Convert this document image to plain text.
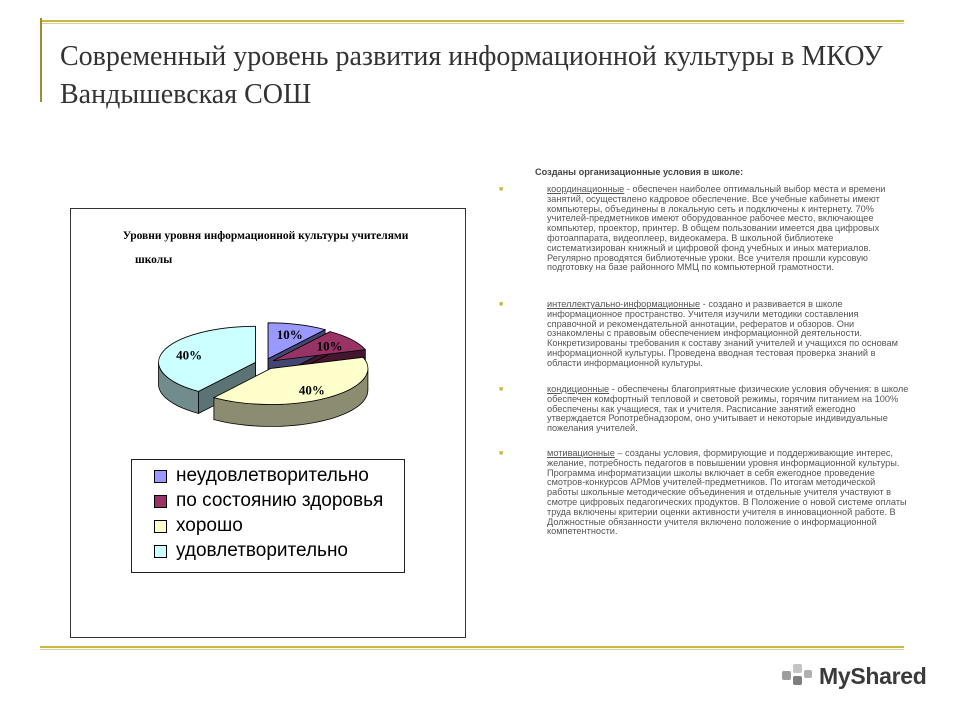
Современный уровень развития информационной культуры в МКОУ Вандышевская СОШ
Уровни уровня информационной культуры учителями школы
10%
10%
40%
40%
неудовлетворительно
по состоянию здоровья
хорошо
удовлетворительно
Созданы организационные условия в школе:
■	координационные - обеспечен наиболее оптимальный выбор места и времени занятий, осуществлено кадровое обеспечение. Все учебные кабинеты имеют компьютеры, объединены в локальную сеть и подключены к интернету. 70% учителей-предметников имеют оборудованное рабочее место, включающее компьютер, проектор, принтер. В общем пользовании имеется два цифровых фотоаппарата, видеоплеер, видеокамера. В школьной библиотеке систематизирован книжный и цифровой фонд учебных и иных материалов. Регулярно проводятся библиотечные уроки. Все учителя прошли курсовую подготовку на базе районного ММЦ по компьютерной грамотности.
■	интеллектуально-информационные - создано и развивается в школе информационное пространство. Учителя изучили методики составления справочной и рекомендательной аннотации, рефератов и обзоров. Они ознакомлены с правовым обеспечением информационной деятельности. Конкретизированы требования к составу знаний учителей и учащихся по основам информационной культуры. Проведена вводная тестовая проверка знаний в области информационной культуры.
■	кондиционные - обеспечены благоприятные физические условия обучения: в школе обеспечен комфортный тепловой и световой режимы, горячим питанием на 100% обеспечены как учащиеся, так и учителя. Расписание занятий ежегодно утверждается Ропотребнадзором, оно учитывает и некоторые индивидуальные пожелания учителей.
■	мотивационные – созданы условия, формирующие и поддерживающие интерес, желание, потребность педагогов в повышении уровня информационной культуры. Программа информатизации школы включает в себя ежегодное проведение смотров-конкурсов АРМов учителей-предметников. По итогам методической работы школьные методические объединения и отдельные учителя участвуют в смотре цифровых педагогических продуктов. В Положение о новой системе оплаты труда включены критерии оценки активности учителя в инновационной работе. В Должностные обязанности учителя включено положение о информационной компетентности.
MyShared
